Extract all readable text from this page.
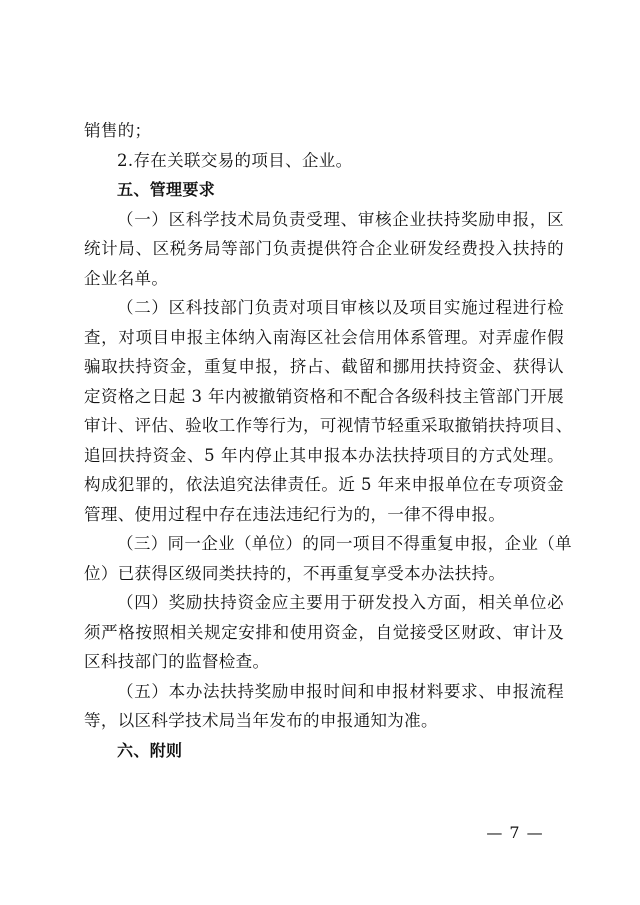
销售的；
2.存在关联交易的项目、企业。
五、管理要求
（一）区科学技术局负责受理、审核企业扶持奖励申报，区
统计局、区税务局等部门负责提供符合企业研发经费投入扶持的
企业名单。
（二）区科技部门负责对项目审核以及项目实施过程进行检
查，对项目申报主体纳入南海区社会信用体系管理。对弄虚作假
骗取扶持资金，重复申报，挤占、截留和挪用扶持资金、获得认
定资格之日起 3 年内被撤销资格和不配合各级科技主管部门开展
审计、评估、验收工作等行为，可视情节轻重采取撤销扶持项目、
追回扶持资金、5 年内停止其申报本办法扶持项目的方式处理。
构成犯罪的，依法追究法律责任。近 5 年来申报单位在专项资金
管理、使用过程中存在违法违纪行为的，一律不得申报。
（三）同一企业（单位）的同一项目不得重复申报，企业（单
位）已获得区级同类扶持的，不再重复享受本办法扶持。
（四）奖励扶持资金应主要用于研发投入方面，相关单位必
须严格按照相关规定安排和使用资金，自觉接受区财政、审计及
区科技部门的监督检查。
（五）本办法扶持奖励申报时间和申报材料要求、申报流程
等，以区科学技术局当年发布的申报通知为准。
六、附则
— 7 —
